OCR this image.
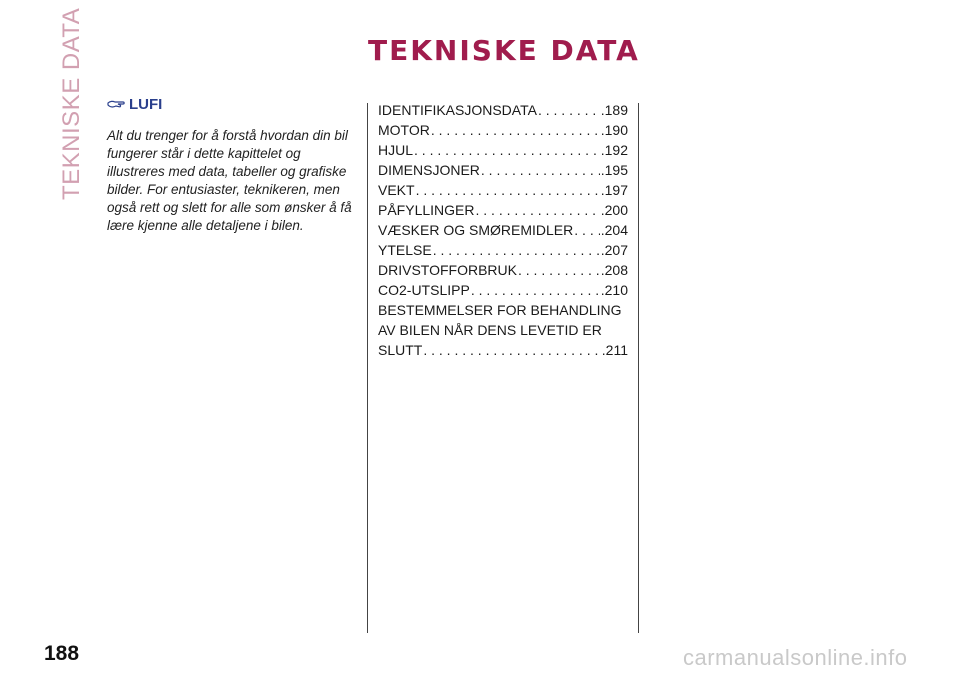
TEKNISKE DATA	TEKNISKE DATA
LUFI
Alt du trenger for å forstå hvordan din bil fungerer står i dette kapittelet og illustreres med data, tabeller og grafiske bilder. For entusiaster, teknikeren, men også rett og slett for alle som ønsker å få lære kjenne alle detaljene i bilen.
IDENTIFIKASJONSDATA . . .	.189
MOTOR . . .	.190
HJUL . . .	.192
DIMENSJONER . . .	.195
VEKT . . .	.197
PÅFYLLINGER . . .	.200
VÆSKER OG SMØREMIDLER . . . .204
YTELSE . . .	.207
DRIVSTOFFORBRUK . . .	.208
CO2-UTSLIPP . . .	.210
BESTEMMELSER FOR BEHANDLING
AV BILEN NÅR DENS LEVETID ER
SLUTT . . .	.211
188	carmanualsonline.info
